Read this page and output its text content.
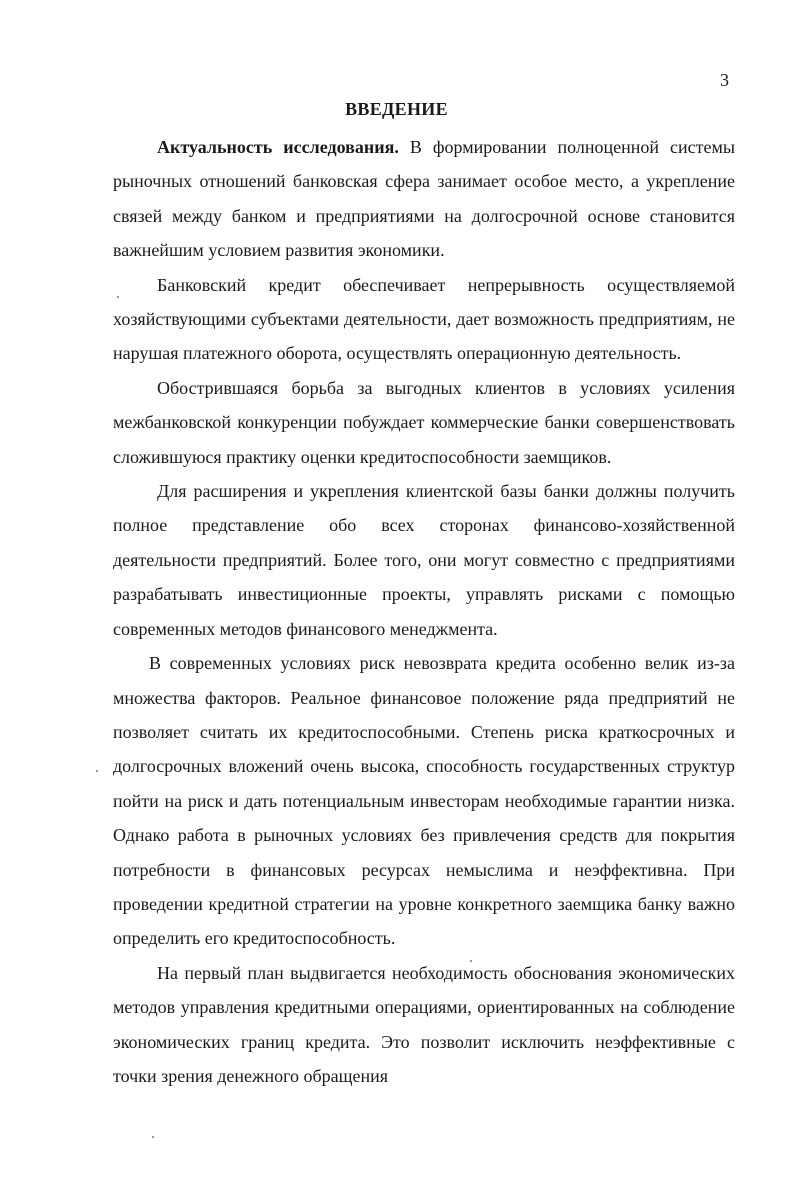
3
ВВЕДЕНИЕ

Актуальность исследования. В формировании полноценной системы рыночных отношений банковская сфера занимает особое место, а укрепление связей между банком и предприятиями на долгосрочной основе становится важнейшим условием развития экономики.

Банковский кредит обеспечивает непрерывность осуществляемой хозяйствующими субъектами деятельности, дает возможность предприятиям, не нарушая платежного оборота, осуществлять операционную деятельность.

Обострившаяся борьба за выгодных клиентов в условиях усиления межбанковской конкуренции побуждает коммерческие банки совершенствовать сложившуюся практику оценки кредитоспособности заемщиков.

Для расширения и укрепления клиентской базы банки должны получить полное представление обо всех сторонах финансово-хозяйственной деятельности предприятий. Более того, они могут совместно с предприятиями разрабатывать инвестиционные проекты, управлять рисками с помощью современных методов финансового менеджмента.

В современных условиях риск невозврата кредита особенно велик из-за множества факторов. Реальное финансовое положение ряда предприятий не позволяет считать их кредитоспособными. Степень риска краткосрочных и долгосрочных вложений очень высока, способность государственных структур пойти на риск и дать потенциальным инвесторам необходимые гарантии низка. Однако работа в рыночных условиях без привлечения средств для покрытия потребности в финансовых ресурсах немыслима и неэффективна. При проведении кредитной стратегии на уровне конкретного заемщика банку важно определить его кредитоспособность.

На первый план выдвигается необходимость обоснования экономических методов управления кредитными операциями, ориентированных на соблюдение экономических границ кредита. Это позволит исключить неэффективные с точки зрения денежного обращения
